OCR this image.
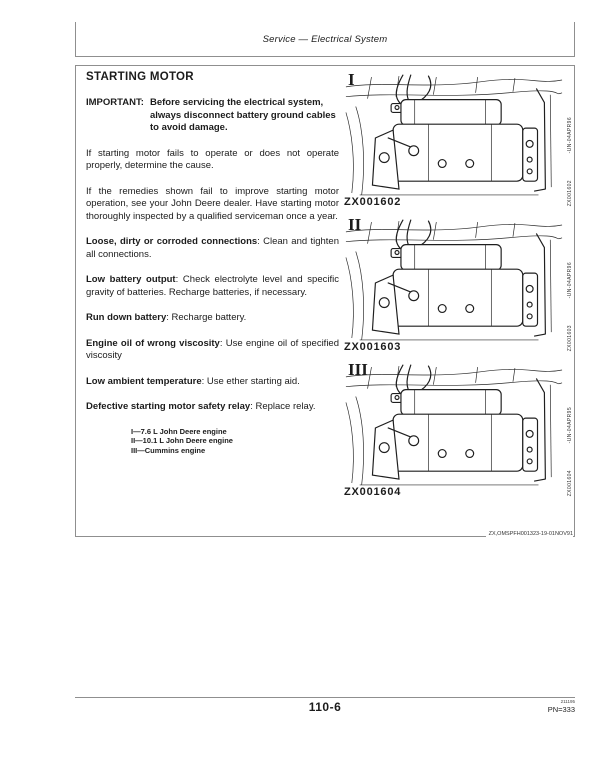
Service — Electrical System
STARTING MOTOR
IMPORTANT: Before servicing the electrical system, always disconnect battery ground cables to avoid damage.

If starting motor fails to operate or does not operate properly, determine the cause.

If the remedies shown fail to improve starting motor operation, see your John Deere dealer. Have starting motor thoroughly inspected by a qualified serviceman once a year.

Loose, dirty or corroded connections: Clean and tighten all connections.

Low battery output: Check electrolyte level and specific gravity of batteries. Recharge batteries, if necessary.

Run down battery: Recharge battery.

Engine oil of wrong viscosity: Use engine oil of specified viscosity

Low ambient temperature: Use ether starting aid.

Defective starting motor safety relay: Replace relay.

I—7.6 L John Deere engine
II—10.1 L John Deere engine
III—Cummins engine
I
ZX001602
-UN-04APR96
ZX001602
II
ZX001603
-UN-04APR96
ZX001603
III
ZX001604
-UN-04APR95
ZX001604
ZX,OMSPFH001323-19-01NOV91
110-6	211195
PN=333
